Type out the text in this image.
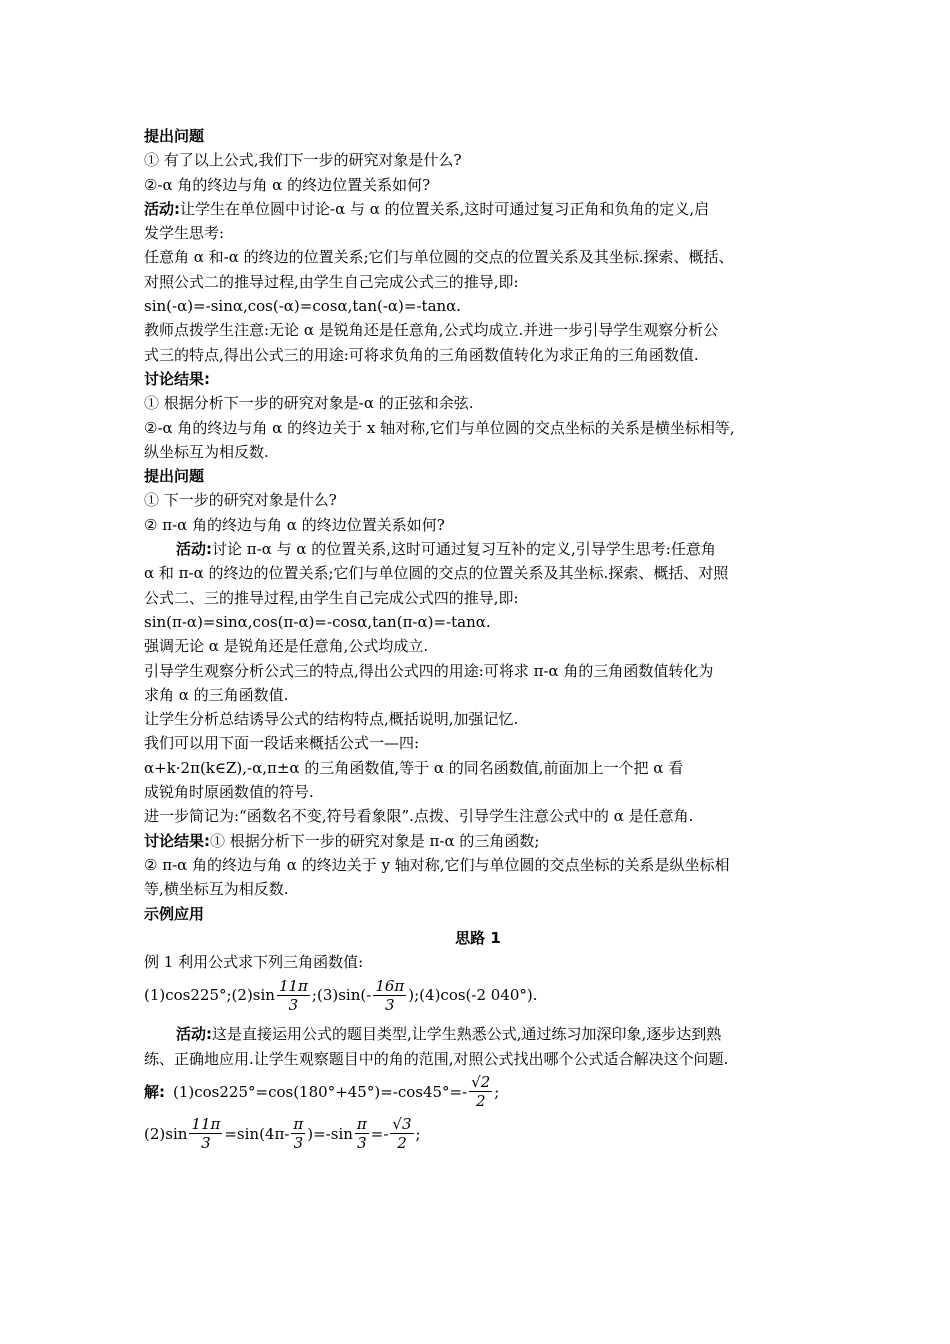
提出问题
① 有了以上公式,我们下一步的研究对象是什么?
②-α 角的终边与角 α 的终边位置关系如何?
活动:让学生在单位圆中讨论-α 与 α 的位置关系,这时可通过复习正角和负角的定义,启
发学生思考:
任意角 α 和-α 的终边的位置关系;它们与单位圆的交点的位置关系及其坐标.探索、概括、
对照公式二的推导过程,由学生自己完成公式三的推导,即:
sin(-α)=-sinα,cos(-α)=cosα,tan(-α)=-tanα.
教师点拨学生注意:无论 α 是锐角还是任意角,公式均成立.并进一步引导学生观察分析公
式三的特点,得出公式三的用途:可将求负角的三角函数值转化为求正角的三角函数值.
讨论结果:
① 根据分析下一步的研究对象是-α 的正弦和余弦.
②-α 角的终边与角 α 的终边关于 x 轴对称,它们与单位圆的交点坐标的关系是横坐标相等,
纵坐标互为相反数.
提出问题
① 下一步的研究对象是什么?
② π-α 角的终边与角 α 的终边位置关系如何?
活动:讨论 π-α 与 α 的位置关系,这时可通过复习互补的定义,引导学生思考:任意角
α 和 π-α 的终边的位置关系;它们与单位圆的交点的位置关系及其坐标.探索、概括、对照
公式二、三的推导过程,由学生自己完成公式四的推导,即:
sin(π-α)=sinα,cos(π-α)=-cosα,tan(π-α)=-tanα.
强调无论 α 是锐角还是任意角,公式均成立.
引导学生观察分析公式三的特点,得出公式四的用途:可将求 π-α 角的三角函数值转化为
求角 α 的三角函数值.
让学生分析总结诱导公式的结构特点,概括说明,加强记忆.
我们可以用下面一段话来概括公式一—四:
α+k·2π(k∈Z),-α,π±α 的三角函数值,等于 α 的同名函数值,前面加上一个把 α 看
成锐角时原函数值的符号.
进一步简记为:“函数名不变,符号看象限”.点拨、引导学生注意公式中的 α 是任意角.
讨论结果:① 根据分析下一步的研究对象是 π-α 的三角函数;
② π-α 角的终边与角 α 的终边关于 y 轴对称,它们与单位圆的交点坐标的关系是纵坐标相
等,横坐标互为相反数.
示例应用
思路 1
例 1 利用公式求下列三角函数值:
(1)cos225°;(2)sin $\frac{11\pi}{3}$ ;(3)sin(- $\frac{16\pi}{3}$ );(4)cos(-2 040°).
活动:这是直接运用公式的题目类型,让学生熟悉公式,通过练习加深印象,逐步达到熟
练、正确地应用.让学生观察题目中的角的范围,对照公式找出哪个公式适合解决这个问题.
解: $(1)\cos 225^\circ=\cos(180^\circ+45^\circ)=-\cos 45^\circ=- \frac{√2}{2}$ ;
$(2)\sin \frac{11\pi}{3} =\sin(4\pi- \frac{\pi}{3} )=-\sin \frac{\pi}{3} =- \frac{√3}{2}$ ;
